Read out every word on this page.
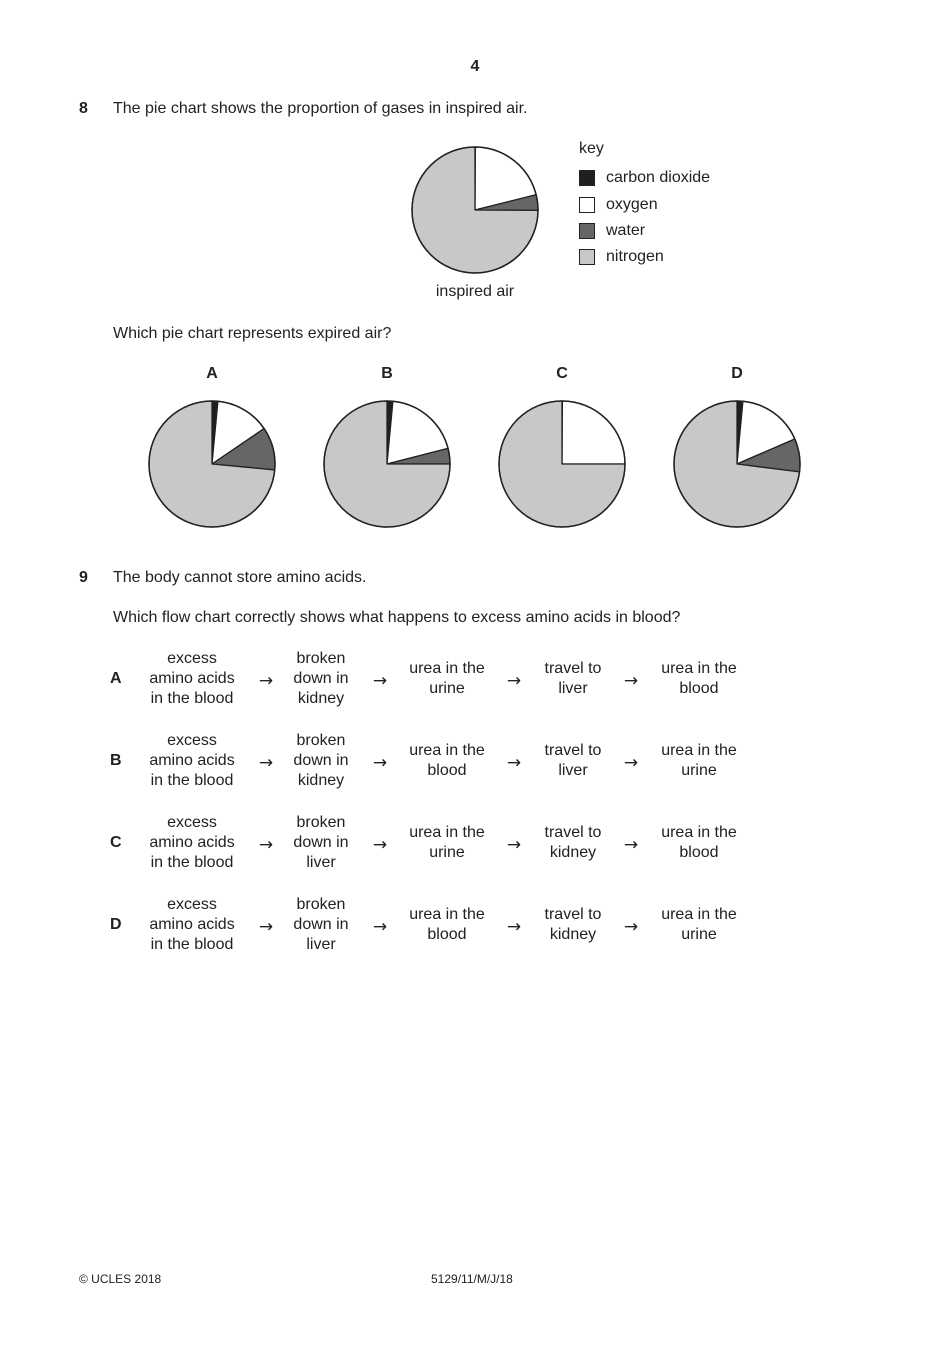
4
8 The pie chart shows the proportion of gases in inspired air.
inspired air
key
carbon dioxide
oxygen
water
nitrogen
Which pie chart represents expired air?
A	B	C	D
9 The body cannot store amino acids.
Which flow chart correctly shows what happens to excess amino acids in blood?
A
excess
amino acids
in the blood
broken
down in
kidney
urea in the
urine
travel to
liver
urea in the
blood
→	→	→	→
B
excess
amino acids
in the blood
broken
down in
kidney
urea in the
blood
travel to
liver
urea in the
urine
→	→	→	→
C
excess
amino acids
in the blood
broken
down in
liver
urea in the
urine
travel to
kidney
urea in the
blood
→	→	→	→
D
excess
amino acids
in the blood
broken
down in
liver
urea in the
blood
travel to
kidney
urea in the
urine
→	→	→	→
© UCLES 2018	5129/11/M/J/18
